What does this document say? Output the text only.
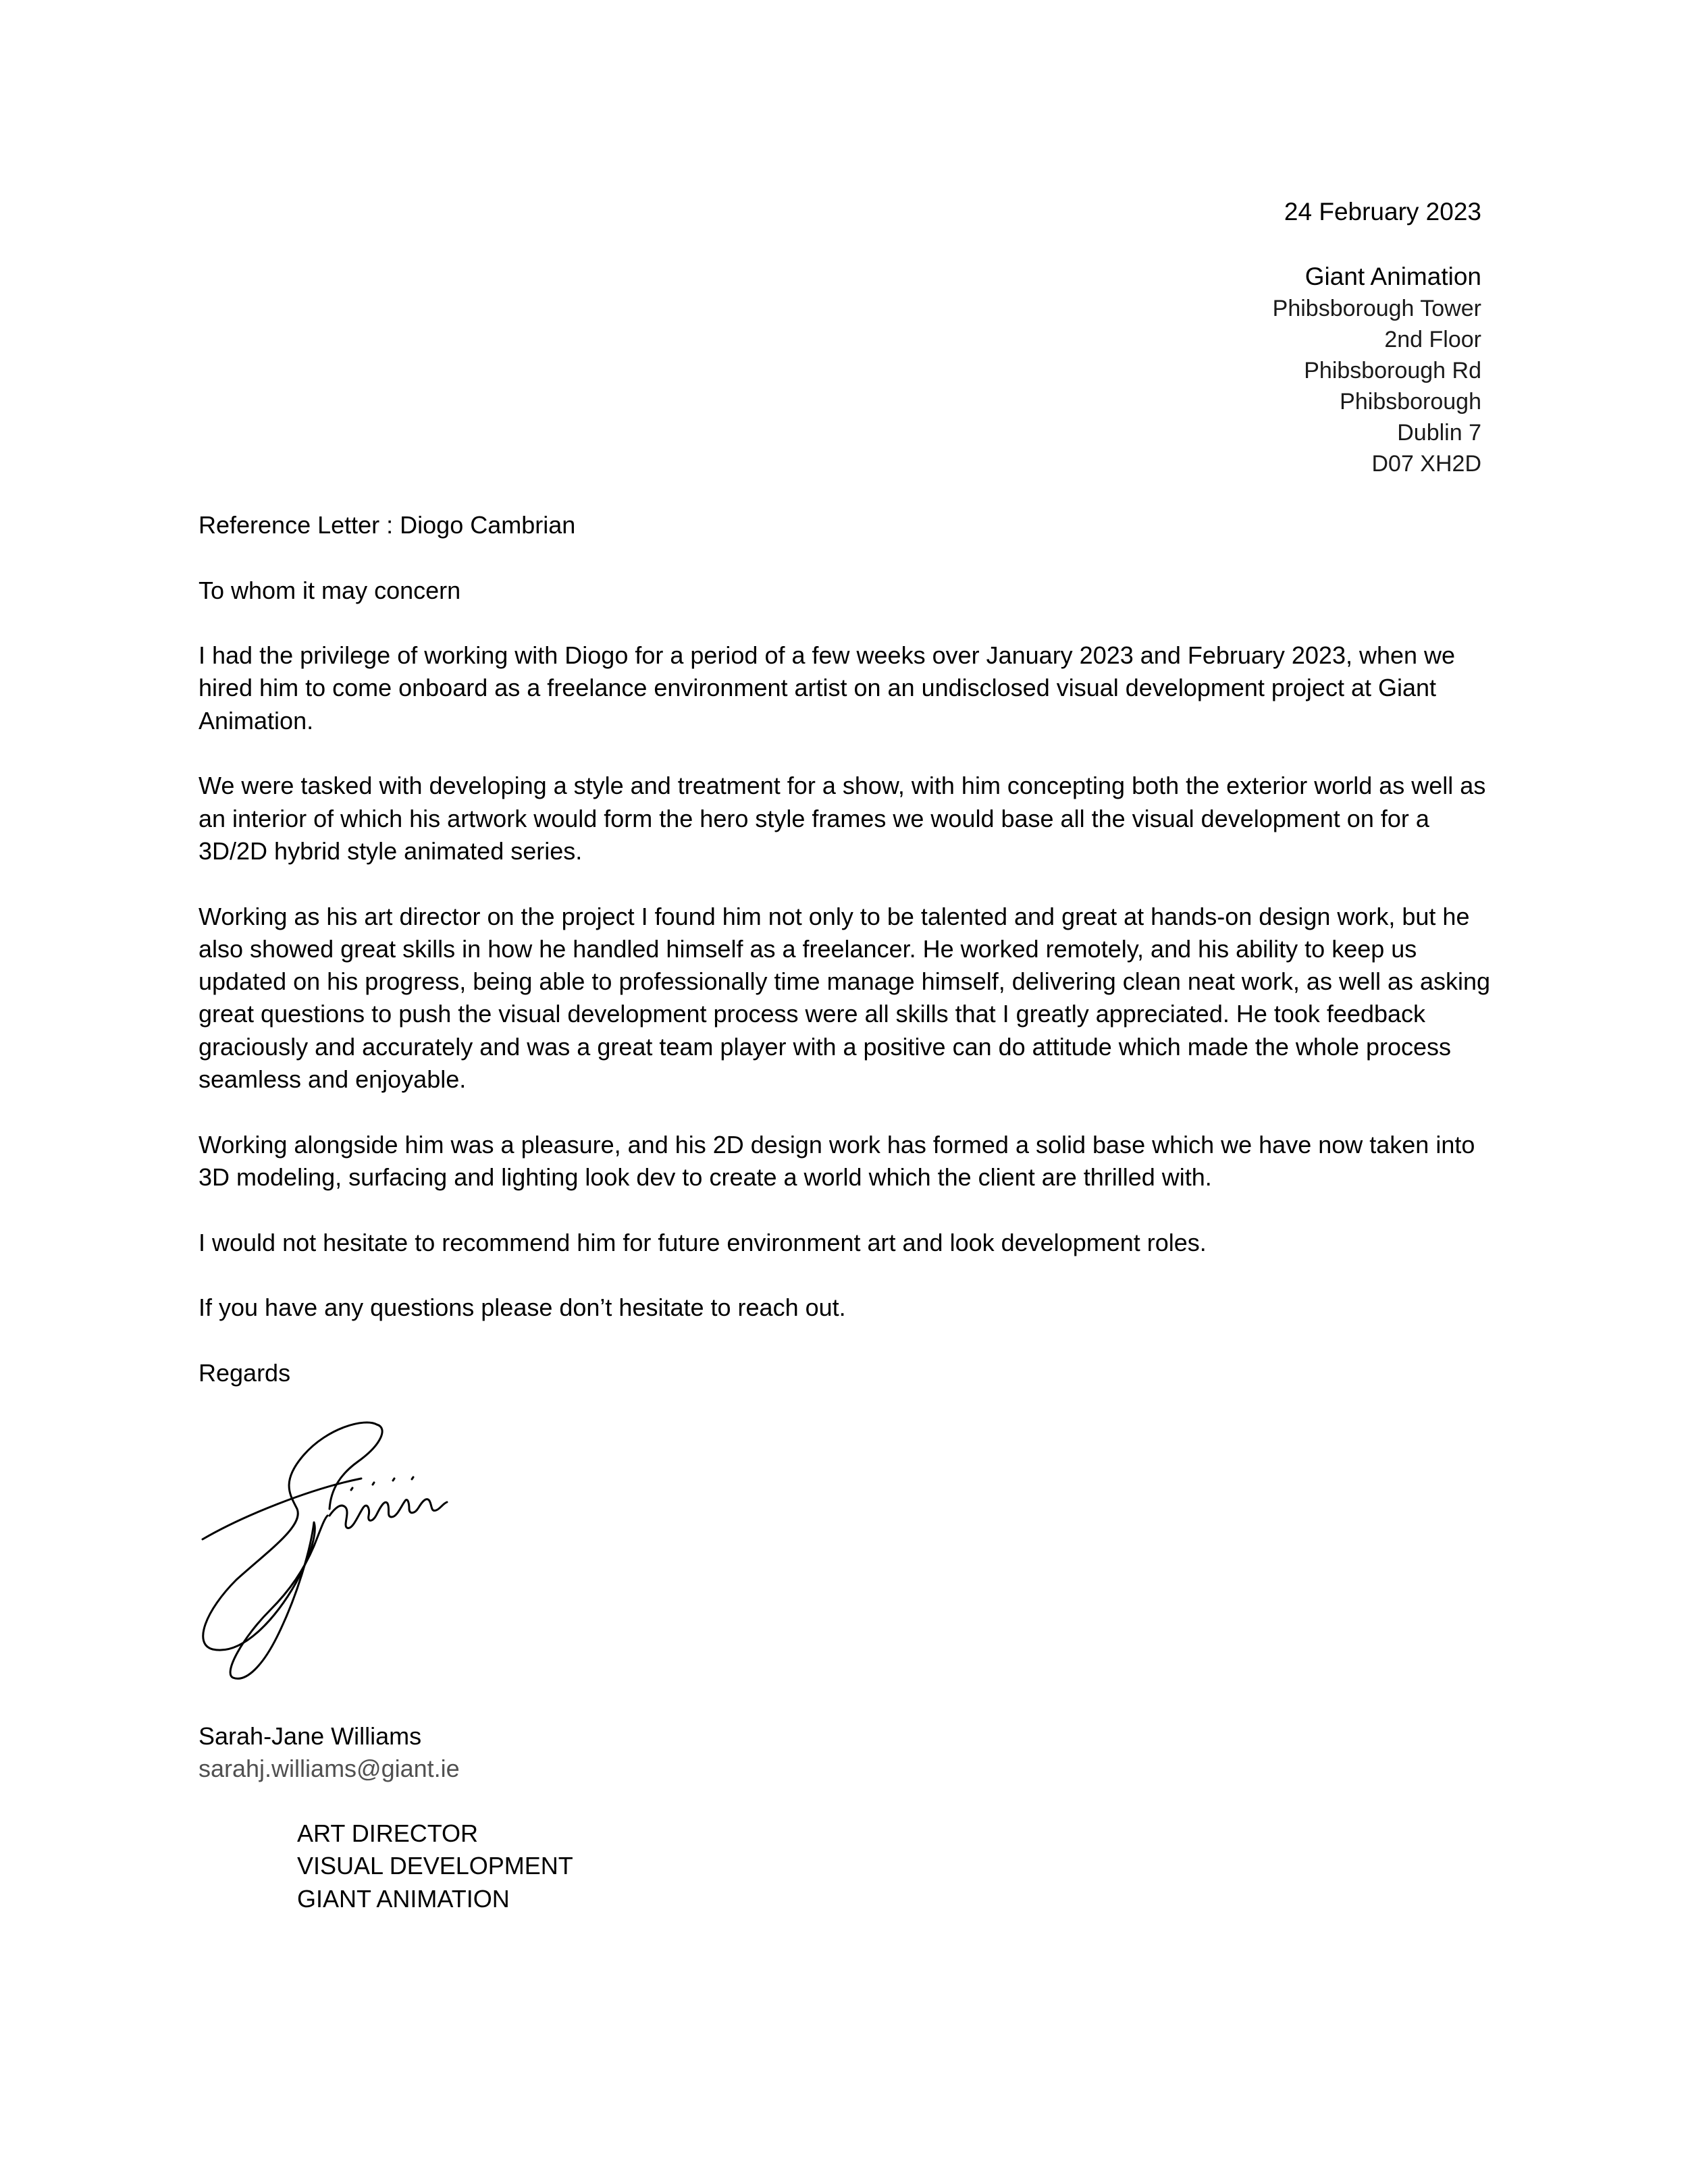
24 February 2023
Giant Animation
Phibsborough Tower
2nd Floor
Phibsborough Rd
Phibsborough
Dublin 7
D07 XH2D

Reference Letter : Diogo Cambrian

To whom it may concern

I had the privilege of working with Diogo for a period of a few weeks over January 2023 and February 2023, when we hired him to come onboard as a freelance environment artist on an undisclosed visual development project at Giant Animation.

We were tasked with developing a style and treatment for a show, with him concepting both the exterior world as well as an interior of which his artwork would form the hero style frames we would base all the visual development on for a 3D/2D hybrid style animated series.

Working as his art director on the project I found him not only to be talented and great at hands-on design work, but he also showed great skills in how he handled himself as a freelancer. He worked remotely, and his ability to keep us updated on his progress, being able to professionally time manage himself, delivering clean neat work, as well as asking great questions to push the visual development process were all skills that I greatly appreciated. He took feedback graciously and accurately and was a great team player with a positive can do attitude which made the whole process seamless and enjoyable.

Working alongside him was a pleasure, and his 2D design work has formed a solid base which we have now taken into 3D modeling, surfacing and lighting look dev to create a world which the client are thrilled with.

I would not hesitate to recommend him for future environment art and look development roles.

If you have any questions please don’t hesitate to reach out.

Regards

Sarah-Jane Williams
sarahj.williams@giant.ie
ART DIRECTOR
VISUAL DEVELOPMENT
GIANT ANIMATION
